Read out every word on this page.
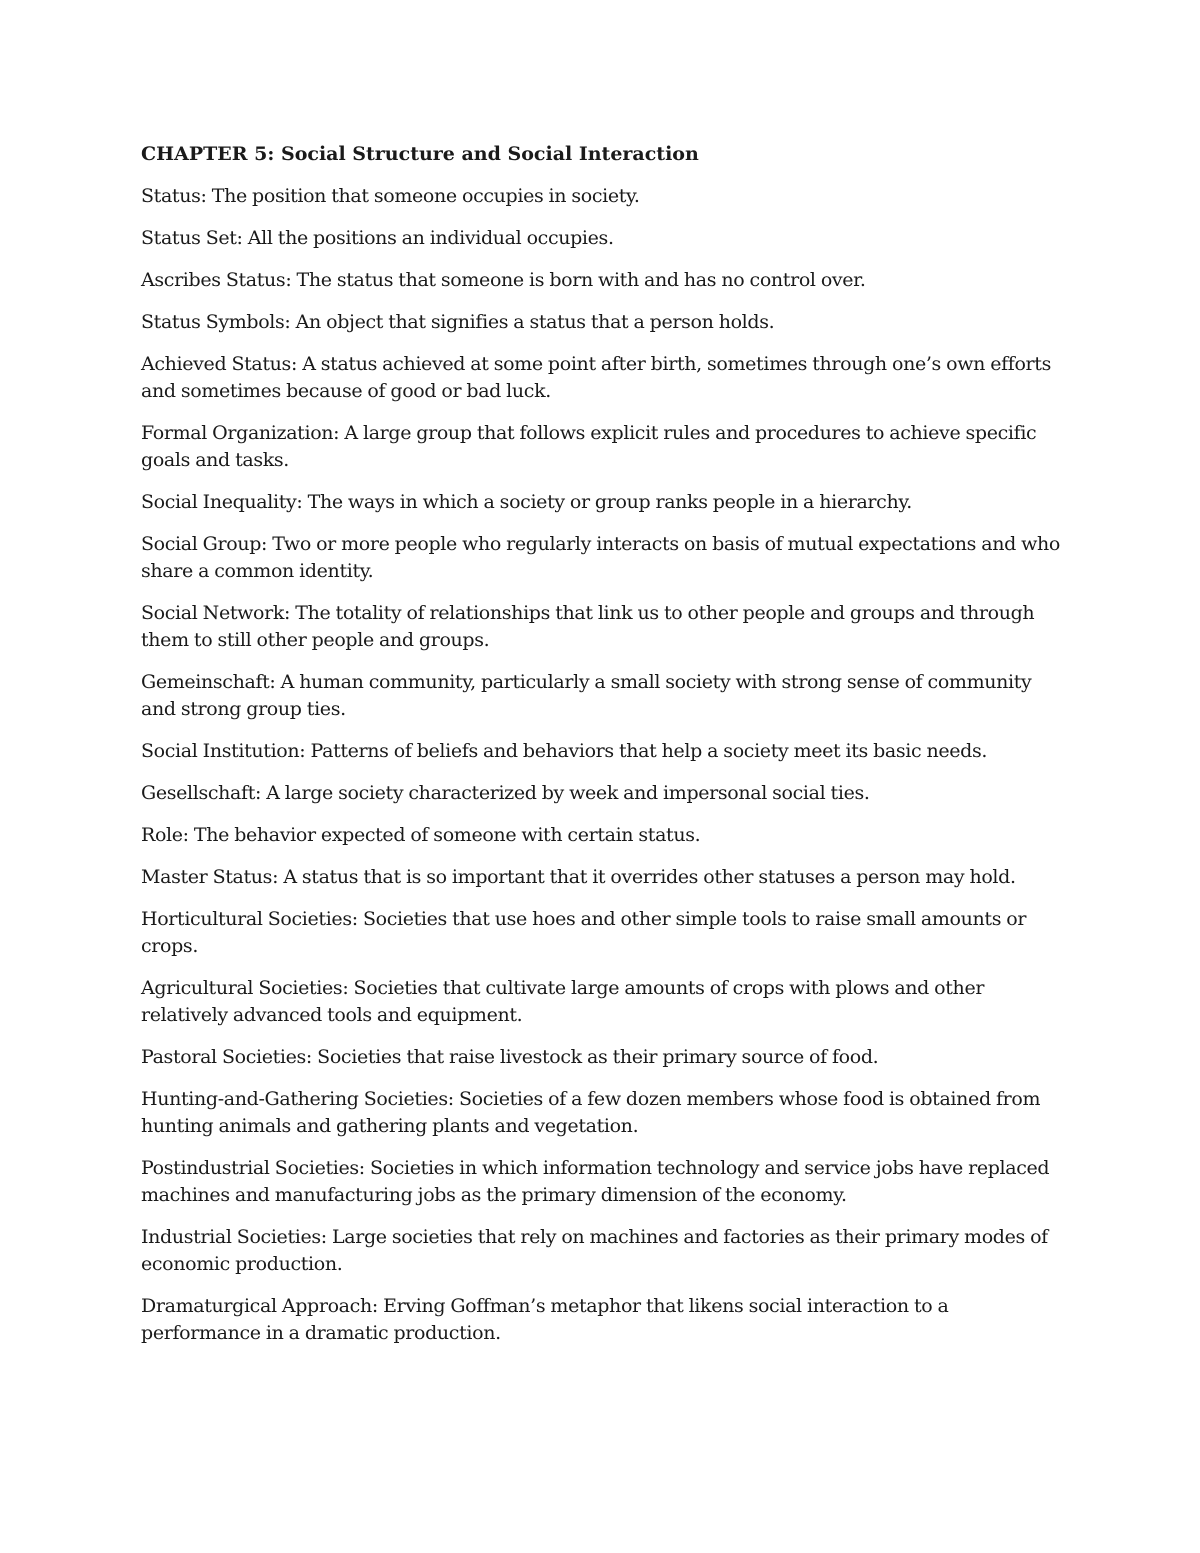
CHAPTER 5: Social Structure and Social Interaction

Status: The position that someone occupies in society.

Status Set: All the positions an individual occupies.

Ascribes Status: The status that someone is born with and has no control over.

Status Symbols: An object that signifies a status that a person holds.

Achieved Status: A status achieved at some point after birth, sometimes through one’s own efforts and sometimes because of good or bad luck.

Formal Organization: A large group that follows explicit rules and procedures to achieve specific goals and tasks.

Social Inequality: The ways in which a society or group ranks people in a hierarchy.

Social Group: Two or more people who regularly interacts on basis of mutual expectations and who share a common identity.

Social Network: The totality of relationships that link us to other people and groups and through them to still other people and groups.

Gemeinschaft: A human community, particularly a small society with strong sense of community and strong group ties.

Social Institution: Patterns of beliefs and behaviors that help a society meet its basic needs.

Gesellschaft: A large society characterized by week and impersonal social ties.

Role: The behavior expected of someone with certain status.

Master Status: A status that is so important that it overrides other statuses a person may hold.

Horticultural Societies: Societies that use hoes and other simple tools to raise small amounts or crops.

Agricultural Societies: Societies that cultivate large amounts of crops with plows and other relatively advanced tools and equipment.

Pastoral Societies: Societies that raise livestock as their primary source of food.

Hunting-and-Gathering Societies: Societies of a few dozen members whose food is obtained from hunting animals and gathering plants and vegetation.

Postindustrial Societies: Societies in which information technology and service jobs have replaced machines and manufacturing jobs as the primary dimension of the economy.

Industrial Societies: Large societies that rely on machines and factories as their primary modes of economic production.

Dramaturgical Approach: Erving Goffman’s metaphor that likens social interaction to a performance in a dramatic production.
